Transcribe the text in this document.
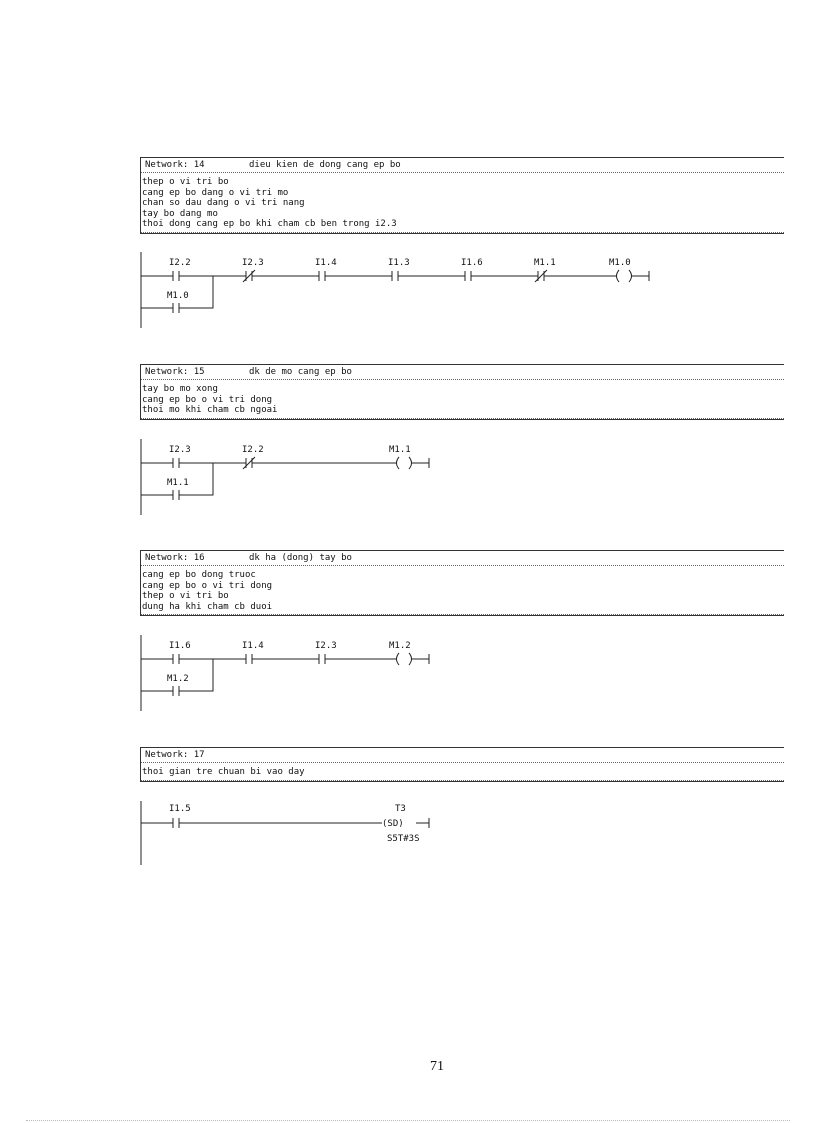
Network: 14	dieu kien de dong cang ep bo
thep o vi tri bo
cang ep bo dang o vi tri mo
chan so dau dang o vi tri nang
tay bo dang mo
thoi dong cang ep bo khi cham cb ben trong i2.3
I2.2	I2.3	I1.4	I1.3	I1.6	M1.1	M1.0
M1.0
Network: 15	dk de mo cang ep bo
tay bo mo xong
cang ep bo o vi tri dong
thoi mo khi cham cb ngoai
I2.3	I2.2	M1.1
M1.1
Network: 16	dk ha (dong) tay bo
cang ep bo dong truoc
cang ep bo o vi tri dong
thep o vi tri bo
dung ha khi cham cb duoi
I1.6	I1.4	I2.3	M1.2
M1.2
Network: 17
thoi gian tre chuan bi vao day
I1.5	T3
S5T#3S
(SD)
71
